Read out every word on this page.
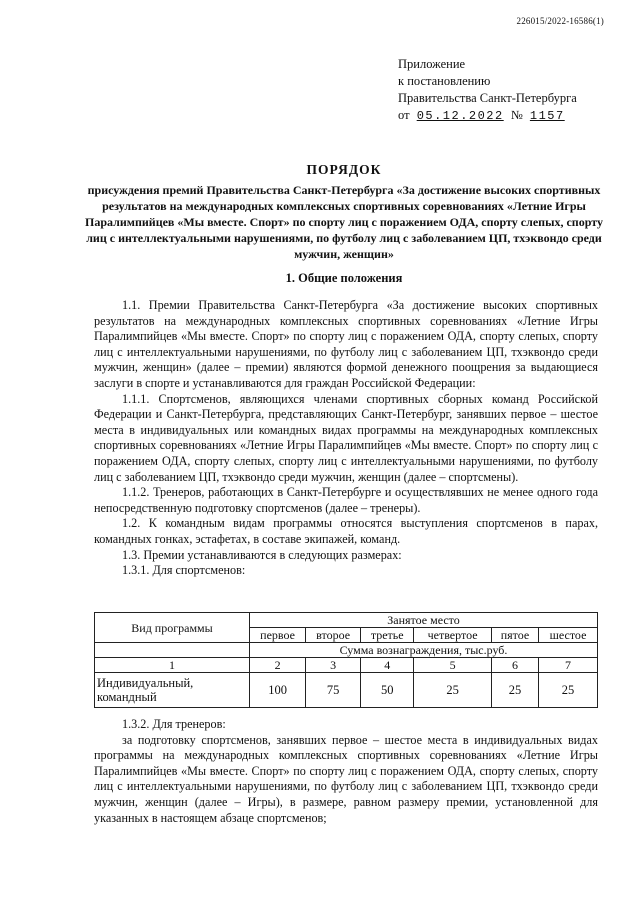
226015/2022-16586(1)
Приложение
к постановлению
Правительства Санкт-Петербурга
от 05.12.2022 № 1157
ПОРЯДОК
присуждения премий Правительства Санкт-Петербурга «За достижение высоких спортивных результатов на международных комплексных спортивных соревнованиях «Летние Игры Паралимпийцев «Мы вместе. Спорт» по спорту лиц с поражением ОДА, спорту слепых, спорту лиц с интеллектуальными нарушениями, по футболу лиц с заболеванием ЦП, тхэквондо среди мужчин, женщин»
1. Общие положения

1.1. Премии Правительства Санкт-Петербурга «За достижение высоких спортивных результатов на международных комплексных спортивных соревнованиях «Летние Игры Паралимпийцев «Мы вместе. Спорт» по спорту лиц с поражением ОДА, спорту слепых, спорту лиц с интеллектуальными нарушениями, по футболу лиц с заболеванием ЦП, тхэквондо среди мужчин, женщин» (далее – премии) являются формой денежного поощрения за выдающиеся заслуги в спорте и устанавливаются для граждан Российской Федерации:

1.1.1. Спортсменов, являющихся членами спортивных сборных команд Российской Федерации и Санкт-Петербурга, представляющих Санкт-Петербург, занявших первое – шестое места в индивидуальных или командных видах программы на международных комплексных спортивных соревнованиях «Летние Игры Паралимпийцев «Мы вместе. Спорт» по спорту лиц с поражением ОДА, спорту слепых, спорту лиц с интеллектуальными нарушениями, по футболу лиц с заболеванием ЦП, тхэквондо среди мужчин, женщин (далее – спортсмены).

1.1.2. Тренеров, работающих в Санкт-Петербурге и осуществлявших не менее одного года непосредственную подготовку спортсменов (далее – тренеры).

1.2. К командным видам программы относятся выступления спортсменов в парах, командных гонках, эстафетах, в составе экипажей, команд.

1.3. Премии устанавливаются в следующих размерах:

1.3.1. Для спортсменов:

Вид программы	Занятое место					
	первое	второе	третье	четвертое	пятое	шестое
	Сумма вознаграждения, тыс.руб.					
1	2	3	4	5	6	7
Индивидуальный, командный	100	75	50	25	25	25

1.3.2. Для тренеров:

за подготовку спортсменов, занявших первое – шестое места в индивидуальных видах программы на международных комплексных спортивных соревнованиях «Летние Игры Паралимпийцев «Мы вместе. Спорт» по спорту лиц с поражением ОДА, спорту слепых, спорту лиц с интеллектуальными нарушениями, по футболу лиц с заболеванием ЦП, тхэквондо среди мужчин, женщин (далее – Игры), в размере, равном размеру премии, установленной для указанных в настоящем абзаце спортсменов;
